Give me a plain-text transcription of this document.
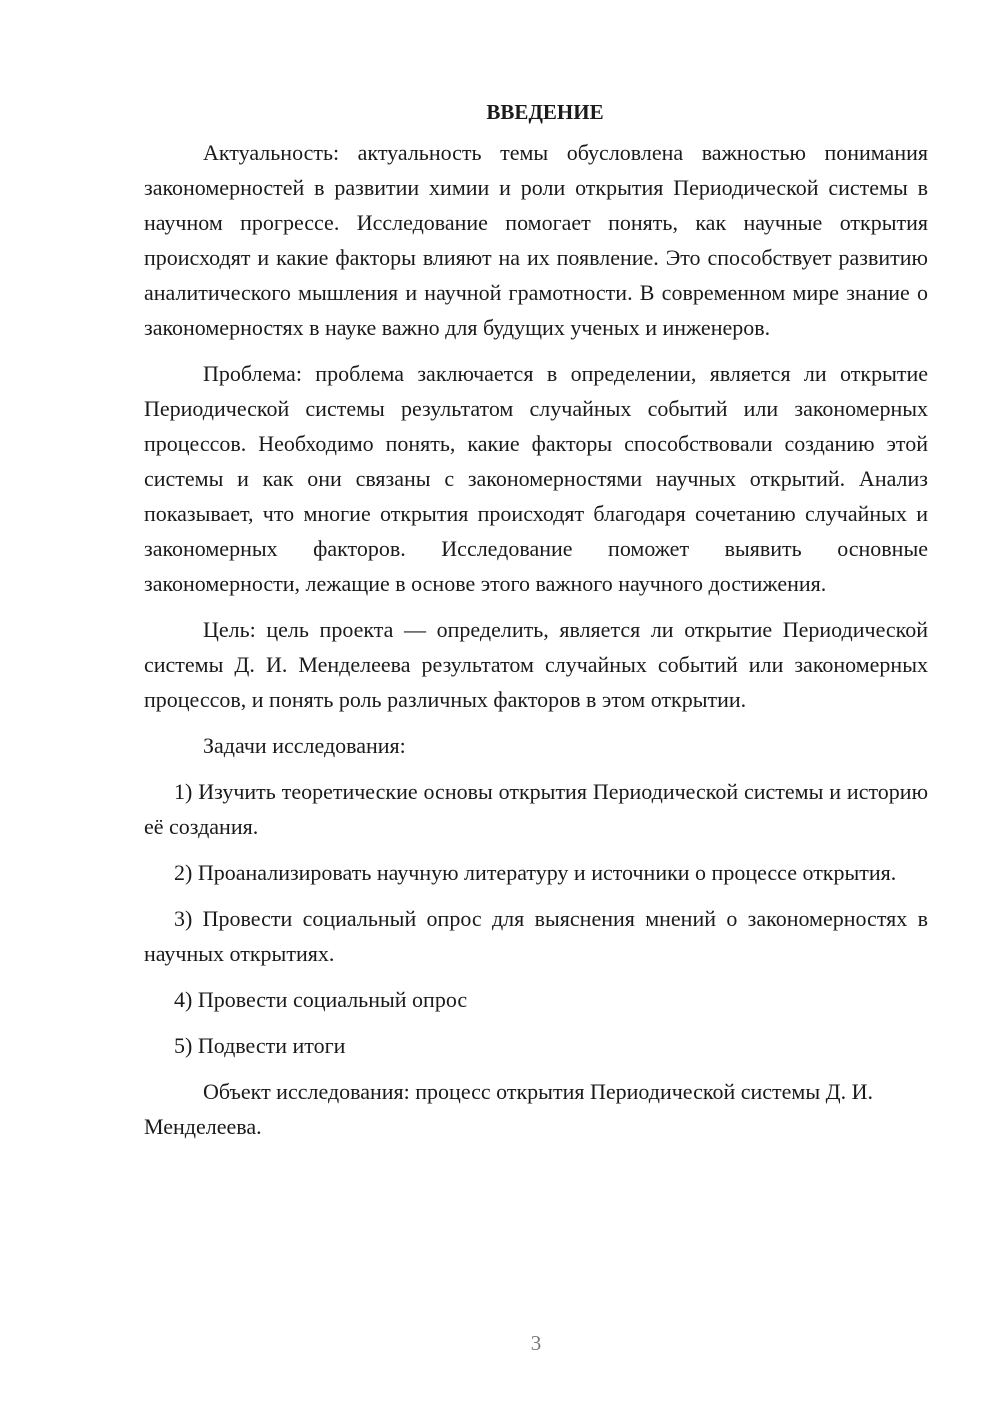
ВВЕДЕНИЕ

Актуальность: актуальность темы обусловлена важностью понимания закономерностей в развитии химии и роли открытия Периодической системы в научном прогрессе. Исследование помогает понять, как научные открытия происходят и какие факторы влияют на их появление. Это способствует развитию аналитического мышления и научной грамотности. В современном мире знание о закономерностях в науке важно для будущих ученых и инженеров.

Проблема: проблема заключается в определении, является ли открытие Периодической системы результатом случайных событий или закономерных процессов. Необходимо понять, какие факторы способствовали созданию этой системы и как они связаны с закономерностями научных открытий. Анализ показывает, что многие открытия происходят благодаря сочетанию случайных и закономерных факторов. Исследование поможет выявить основные закономерности, лежащие в основе этого важного научного достижения.

Цель: цель проекта — определить, является ли открытие Периодической системы Д. И. Менделеева результатом случайных событий или закономерных процессов, и понять роль различных факторов в этом открытии.

Задачи исследования:

1) Изучить теоретические основы открытия Периодической системы и историю её создания.

2) Проанализировать научную литературу и источники о процессе открытия.

3) Провести социальный опрос для выяснения мнений о закономерностях в научных открытиях.

4) Провести социальный опрос

5) Подвести итоги

Объект исследования: процесс открытия Периодической системы Д. И. Менделеева.

3
